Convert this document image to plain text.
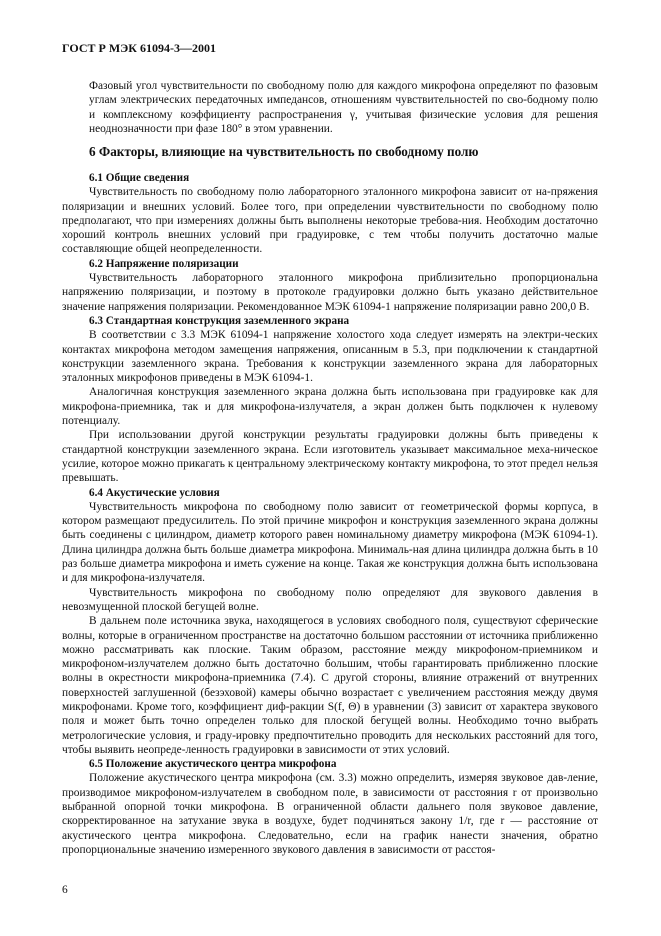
ГОСТ Р МЭК 61094-3—2001

Фазовый угол чувствительности по свободному полю для каждого микрофона определяют по фазовым углам электрических передаточных импедансов, отношениям чувствительностей по сво-бодному полю и комплексному коэффициенту распространения γ, учитывая физические условия для решения неоднозначности при фазе 180° в этом уравнении.

6 Факторы, влияющие на чувствительность по свободному полю

6.1 Общие сведения

Чувствительность по свободному полю лабораторного эталонного микрофона зависит от на-пряжения поляризации и внешних условий. Более того, при определении чувствительности по свободному полю предполагают, что при измерениях должны быть выполнены некоторые требова-ния. Необходим достаточно хороший контроль внешних условий при градуировке, с тем чтобы получить достаточно малые составляющие общей неопределенности.

6.2 Напряжение поляризации

Чувствительность лабораторного эталонного микрофона приблизительно пропорциональна напряжению поляризации, и поэтому в протоколе градуировки должно быть указано действительное значение напряжения поляризации. Рекомендованное МЭК 61094-1 напряжение поляризации равно 200,0 В.

6.3 Стандартная конструкция заземленного экрана

В соответствии с 3.3 МЭК 61094-1 напряжение холостого хода следует измерять на электри-ческих контактах микрофона методом замещения напряжения, описанным в 5.3, при подключении к стандартной конструкции заземленного экрана. Требования к конструкции заземленного экрана для лабораторных эталонных микрофонов приведены в МЭК 61094-1.

Аналогичная конструкция заземленного экрана должна быть использована при градуировке как для микрофона-приемника, так и для микрофона-излучателя, а экран должен быть подключен к нулевому потенциалу.

При использовании другой конструкции результаты градуировки должны быть приведены к стандартной конструкции заземленного экрана. Если изготовитель указывает максимальное меха-ническое усилие, которое можно прикагать к центральному электрическому контакту микрофона, то этот предел нельзя превышать.

6.4 Акустические условия

Чувствительность микрофона по свободному полю зависит от геометрической формы корпуса, в котором размещают предусилитель. По этой причине микрофон и конструкция заземленного экрана должны быть соединены с цилиндром, диаметр которого равен номинальному диаметру микрофона (МЭК 61094-1). Длина цилиндра должна быть больше диаметра микрофона. Минималь-ная длина цилиндра должна быть в 10 раз больше диаметра микрофона и иметь сужение на конце. Такая же конструкция должна быть использована и для микрофона-излучателя.

Чувствительность микрофона по свободному полю определяют для звукового давления в невозмущенной плоской бегущей волне.

В дальнем поле источника звука, находящегося в условиях свободного поля, существуют сферические волны, которые в ограниченном пространстве на достаточно большом расстоянии от источника приближенно можно рассматривать как плоские. Таким образом, расстояние между микрофоном-приемником и микрофоном-излучателем должно быть достаточно большим, чтобы гарантировать приближенно плоские волны в окрестности микрофона-приемника (7.4). С другой стороны, влияние отражений от внутренних поверхностей заглушенной (безэховой) камеры обычно возрастает с увеличением расстояния между двумя микрофонами. Кроме того, коэффициент диф-ракции S(f, Θ) в уравнении (3) зависит от характера звукового поля и может быть точно определен только для плоской бегущей волны. Необходимо точно выбрать метрологические условия, и граду-ировку предпочтительно проводить для нескольких расстояний для того, чтобы выявить неопреде-ленность градуировки в зависимости от этих условий.

6.5 Положение акустического центра микрофона

Положение акустического центра микрофона (см. 3.3) можно определить, измеряя звуковое дав-ление, производимое микрофоном-излучателем в свободном поле, в зависимости от расстояния r от произвольно выбранной опорной точки микрофона. В ограниченной области дальнего поля звуковое давление, скорректированное на затухание звука в воздухе, будет подчиняться закону 1/r, где r — расстояние от акустического центра микрофона. Следовательно, если на график нанести значения, обратно пропорциональные значению измеренного звукового давления в зависимости от расстоя-

6
